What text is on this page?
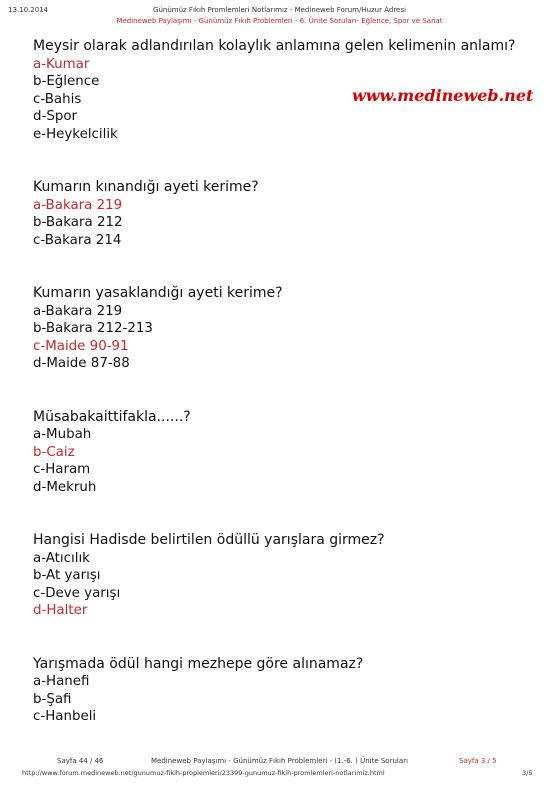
13.10.2014	Günümüz Fıkıh Promlemleri Notlarımız - Medineweb Forum/Huzur Adresi
Medineweb Paylaşımı - Günümüz Fıkıh Problemleri - 6. Ünite Soruları- Eğlence, Spor ve Sanat
www.medineweb.net

Meysir olarak adlandırılan kolaylık anlamına gelen kelimenin anlamı?

a-Kumar

b-Eğlence

c-Bahis

d-Spor

e-Heykelcilik

Kumarın kınandığı ayeti kerime?

a-Bakara 219

b-Bakara 212

c-Bakara 214

Kumarın yasaklandığı ayeti kerime?

a-Bakara 219

b-Bakara 212-213

c-Maide 90-91

d-Maide 87-88

Müsabakaittifakla......?

a-Mubah

b-Caiz

c-Haram

d-Mekruh

Hangisi Hadisde belirtilen ödüllü yarışlara girmez?

a-Atıcılık

b-At yarışı

c-Deve yarışı

d-Halter

Yarışmada ödül hangi mezhepe göre alınamaz?

a-Hanefi

b-Şafi

c-Hanbeli

Sayfa 44 / 46	Medineweb Paylaşımı - Günümüz Fıkıh Problemleri - (1.-6. ) Ünite Soruları	Sayfa 3 / 5
http://www.forum.medineweb.net/gunumuz-fikih-proplemleri/23399-gunumuz-fikih-promlemleri-notlarimiz.html	3/5
